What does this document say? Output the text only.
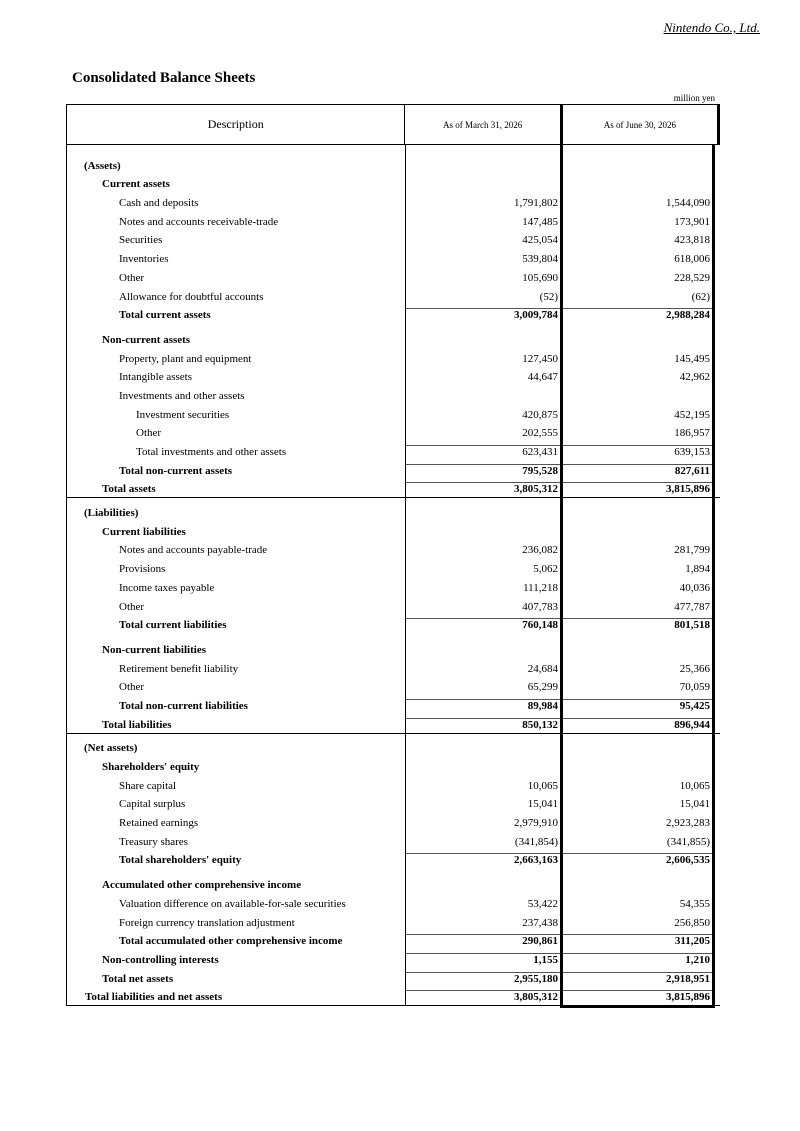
Nintendo Co., Ltd.
Consolidated Balance Sheets
million yen
Description	As of March 31, 2026	As of June 30, 2026
(Assets)
Current assets
Cash and deposits	1,791,802	1,544,090
Notes and accounts receivable-trade	147,485	173,901
Securities	425,054	423,818
Inventories	539,804	618,006
Other	105,690	228,529
Allowance for doubtful accounts	(52)	(62)
Total current assets	3,009,784	2,988,284
Non-current assets
Property, plant and equipment	127,450	145,495
Intangible assets	44,647	42,962
Investments and other assets
Investment securities	420,875	452,195
Other	202,555	186,957
Total investments and other assets	623,431	639,153
Total non-current assets	795,528	827,611
Total assets	3,805,312	3,815,896
(Liabilities)
Current liabilities
Notes and accounts payable-trade	236,082	281,799
Provisions	5,062	1,894
Income taxes payable	111,218	40,036
Other	407,783	477,787
Total current liabilities	760,148	801,518
Non-current liabilities
Retirement benefit liability	24,684	25,366
Other	65,299	70,059
Total non-current liabilities	89,984	95,425
Total liabilities	850,132	896,944
(Net assets)
Shareholders' equity
Share capital	10,065	10,065
Capital surplus	15,041	15,041
Retained earnings	2,979,910	2,923,283
Treasury shares	(341,854)	(341,855)
Total shareholders' equity	2,663,163	2,606,535
Accumulated other comprehensive income
Valuation difference on available-for-sale securities	53,422	54,355
Foreign currency translation adjustment	237,438	256,850
Total accumulated other comprehensive income	290,861	311,205
Non-controlling interests	1,155	1,210
Total net assets	2,955,180	2,918,951
Total liabilities and net assets	3,805,312	3,815,896
